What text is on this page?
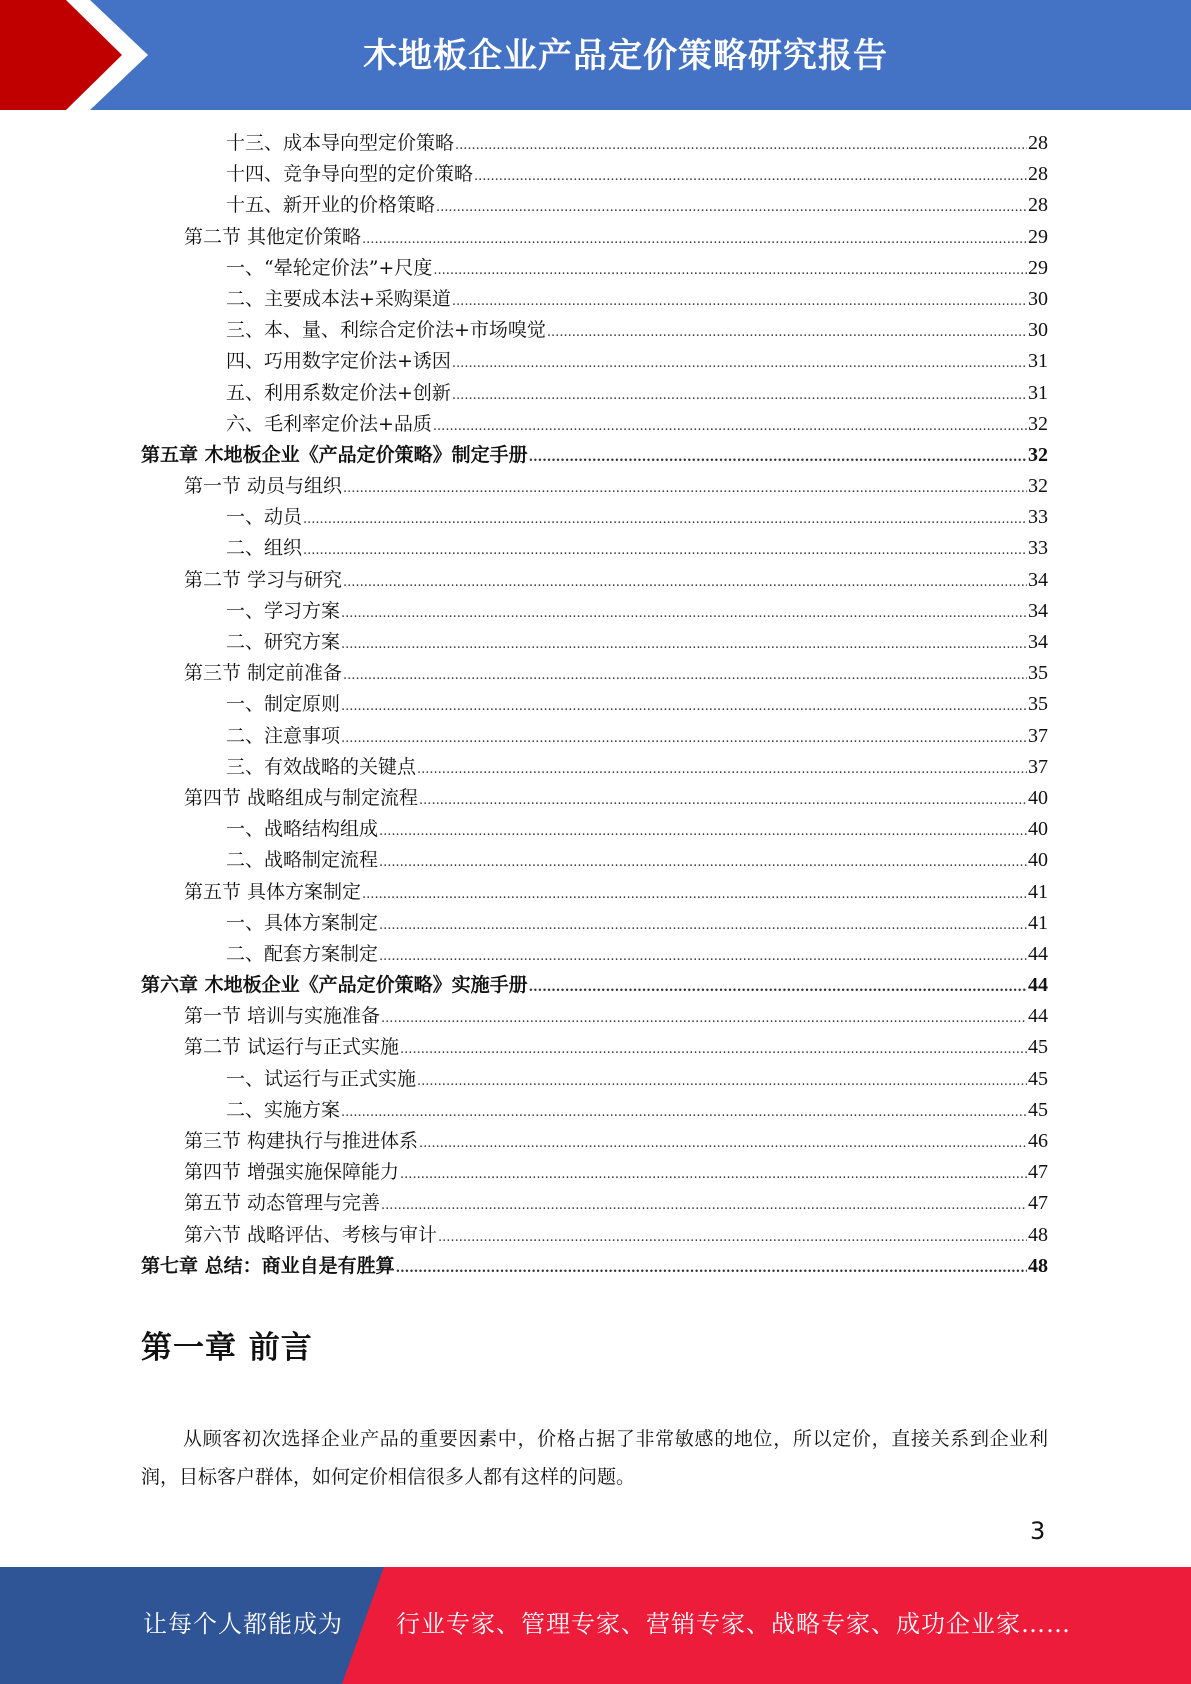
木地板企业产品定价策略研究报告
十三、成本导向型定价策略 .....	28
十四、竞争导向型的定价策略 .....	28
十五、新开业的价格策略 .....	28
第二节 其他定价策略 .....	29
一、“晕轮定价法”+尺度 .....	29
二、主要成本法+采购渠道 .....	30
三、本、量、利综合定价法+市场嗅觉 .....	30
四、巧用数字定价法+诱因 .....	31
五、利用系数定价法+创新 .....	31
六、毛利率定价法+品质 .....	32
第五章 木地板企业《产品定价策略》制定手册 .....	32
第一节 动员与组织 .....	32
一、动员 .....	33
二、组织 .....	33
第二节 学习与研究 .....	34
一、学习方案 .....	34
二、研究方案 .....	34
第三节 制定前准备 .....	35
一、制定原则 .....	35
二、注意事项 .....	37
三、有效战略的关键点 .....	37
第四节 战略组成与制定流程 .....	40
一、战略结构组成 .....	40
二、战略制定流程 .....	40
第五节 具体方案制定 .....	41
一、具体方案制定 .....	41
二、配套方案制定 .....	44
第六章 木地板企业《产品定价策略》实施手册 .....	44
第一节 培训与实施准备 .....	44
第二节 试运行与正式实施 .....	45
一、试运行与正式实施 .....	45
二、实施方案 .....	45
第三节 构建执行与推进体系 .....	46
第四节 增强实施保障能力 .....	47
第五节 动态管理与完善 .....	47
第六节 战略评估、考核与审计 .....	48
第七章 总结：商业自是有胜算 .....	48
第一章 前言

从顾客初次选择企业产品的重要因素中，价格占据了非常敏感的地位，所以定价，直接关系到企业利润，目标客户群体，如何定价相信很多人都有这样的问题。

3
让每个人都能成为 行业专家、管理专家、营销专家、战略专家、成功企业家……
